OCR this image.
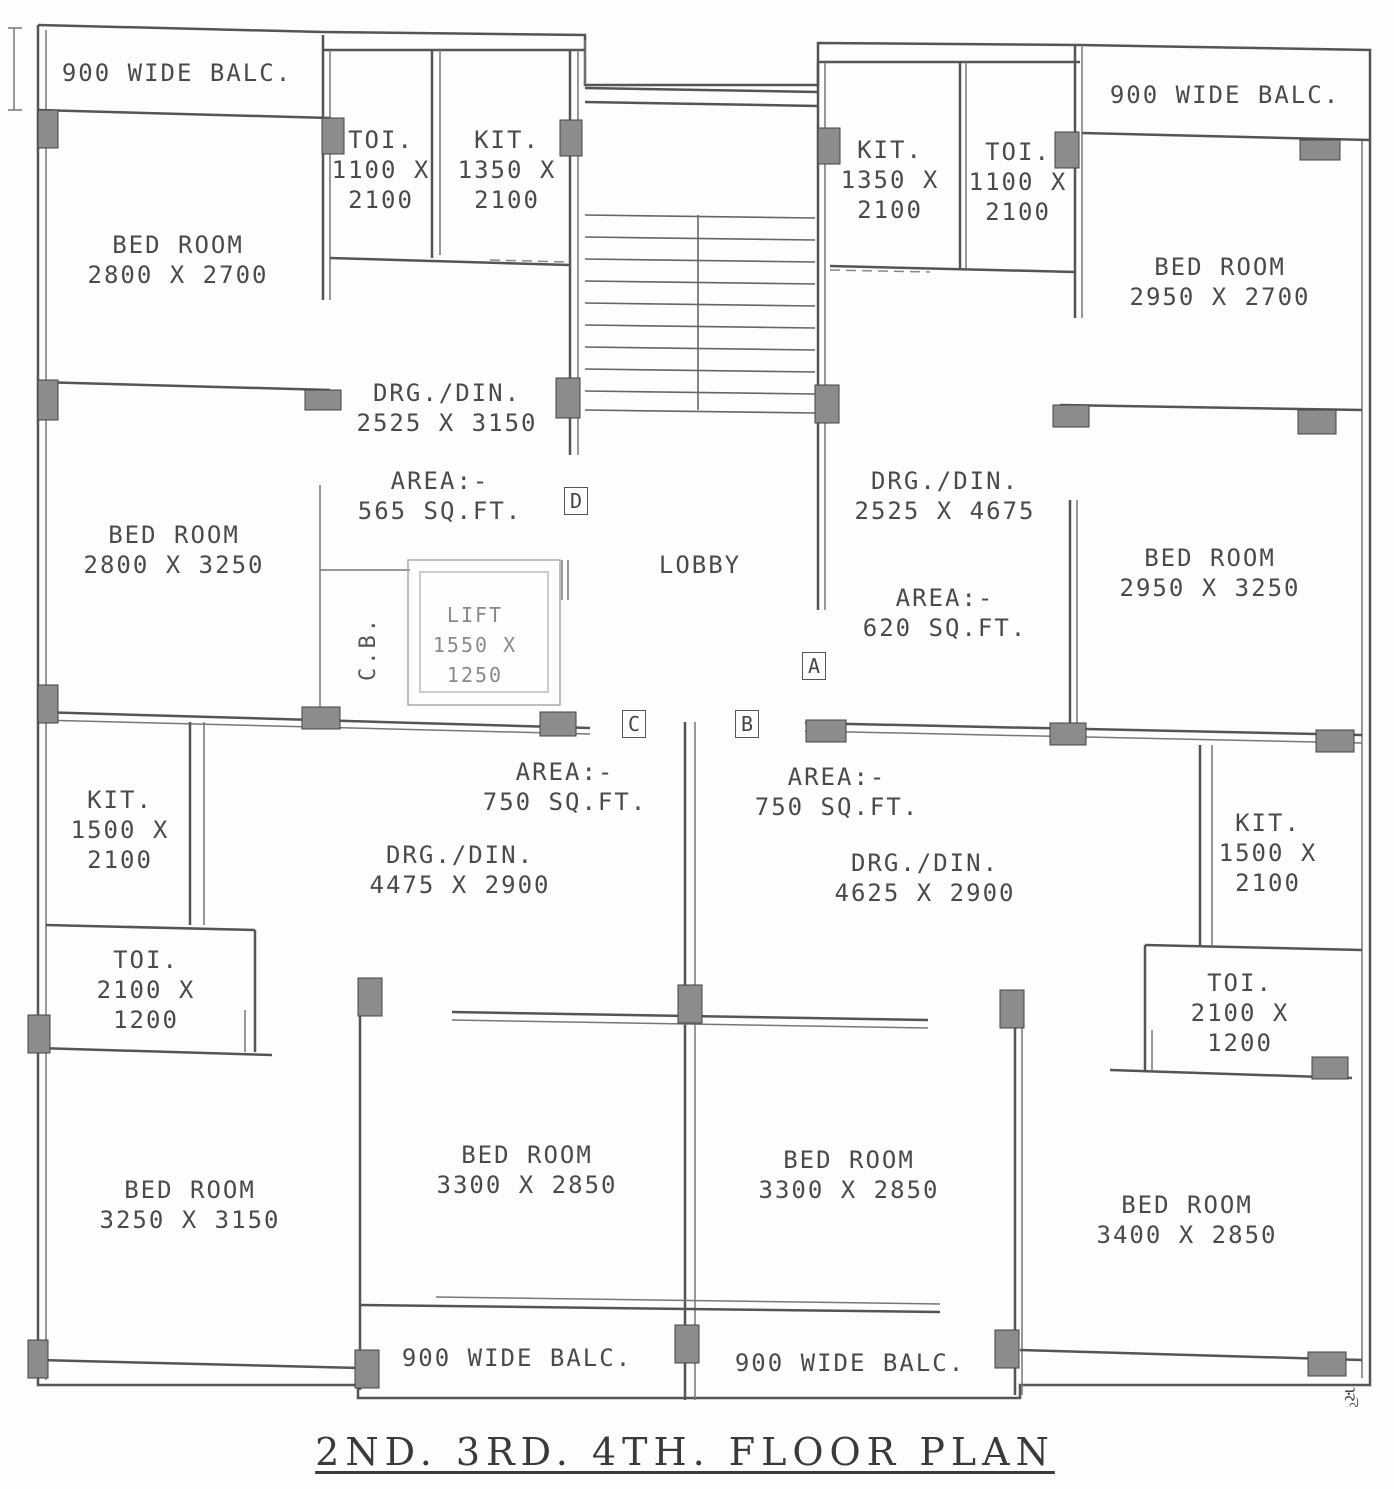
900 WIDE BALC.
900 WIDE BALC.
TOI.
1100 X
2100
KIT.
1350 X
2100
KIT.
1350 X
2100
TOI.
1100 X
2100
BED ROOM
2800 X 2700	BED ROOM
2950 X 2700
DRG./DIN.
2525 X 3150
AREA:-
565 SQ.FT.
DRG./DIN.
2525 X 4675
AREA:-
620 SQ.FT.
BED ROOM
2800 X 3250	BED ROOM
2950 X 3250
LOBBY
LIFT
1550 X
1250
C.B.
D
A
C	B
AREA:-
750 SQ.FT.
AREA:-
750 SQ.FT.
KIT.
1500 X
2100
KIT.
1500 X
2100
DRG./DIN.
4475 X 2900
DRG./DIN.
4625 X 2900
TOI.
2100 X
1200
TOI.
2100 X
1200
BED ROOM
3250 X 3150
BED ROOM
3300 X 2850
BED ROOM
3300 X 2850
BED ROOM
3400 X 2850
900 WIDE BALC.	900 WIDE BALC.
ಸ್ಸ
2ND. 3RD. 4TH. FLOOR PLAN
